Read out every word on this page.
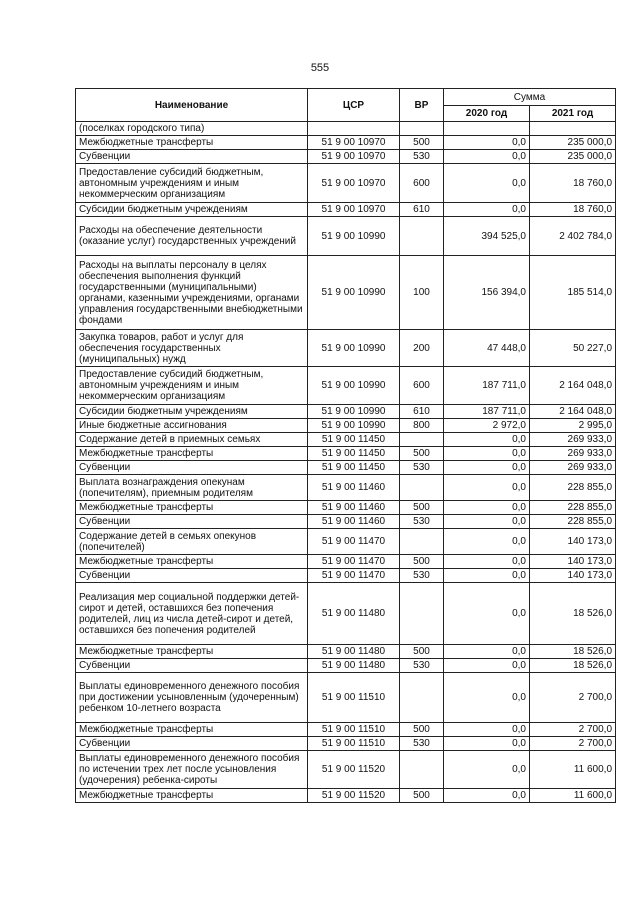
555
Наименование	ЦСР	ВР	Сумма	
			2020 год	2021 год
(поселках городского типа)				
Межбюджетные трансферты	51 9 00 10970	500	0,0	235 000,0
Субвенции	51 9 00 10970	530	0,0	235 000,0
Предоставление субсидий бюджетным, автономным учреждениям и иным некоммерческим организациям	51 9 00 10970	600	0,0	18 760,0
Субсидии бюджетным учреждениям	51 9 00 10970	610	0,0	18 760,0
Расходы на обеспечение деятельности (оказание услуг) государственных учреждений	51 9 00 10990		394 525,0	2 402 784,0
Расходы на выплаты персоналу в целях обеспечения выполнения функций государственными (муниципальными) органами, казенными учреждениями, органами управления государственными внебюджетными фондами	51 9 00 10990	100	156 394,0	185 514,0
Закупка товаров, работ и услуг для обеспечения государственных (муниципальных) нужд	51 9 00 10990	200	47 448,0	50 227,0
Предоставление субсидий бюджетным, автономным учреждениям и иным некоммерческим организациям	51 9 00 10990	600	187 711,0	2 164 048,0
Субсидии бюджетным учреждениям	51 9 00 10990	610	187 711,0	2 164 048,0
Иные бюджетные ассигнования	51 9 00 10990	800	2 972,0	2 995,0
Содержание детей в приемных семьях	51 9 00 11450		0,0	269 933,0
Межбюджетные трансферты	51 9 00 11450	500	0,0	269 933,0
Субвенции	51 9 00 11450	530	0,0	269 933,0
Выплата вознаграждения опекунам (попечителям), приемным родителям	51 9 00 11460		0,0	228 855,0
Межбюджетные трансферты	51 9 00 11460	500	0,0	228 855,0
Субвенции	51 9 00 11460	530	0,0	228 855,0
Содержание детей в семьях опекунов (попечителей)	51 9 00 11470		0,0	140 173,0
Межбюджетные трансферты	51 9 00 11470	500	0,0	140 173,0
Субвенции	51 9 00 11470	530	0,0	140 173,0
Реализация мер социальной поддержки детей-сирот и детей, оставшихся без попечения родителей, лиц из числа детей-сирот и детей, оставшихся без попечения родителей	51 9 00 11480		0,0	18 526,0
Межбюджетные трансферты	51 9 00 11480	500	0,0	18 526,0
Субвенции	51 9 00 11480	530	0,0	18 526,0
Выплаты единовременного денежного пособия при достижении усыновленным (удочеренным) ребенком 10-летнего возраста	51 9 00 11510		0,0	2 700,0
Межбюджетные трансферты	51 9 00 11510	500	0,0	2 700,0
Субвенции	51 9 00 11510	530	0,0	2 700,0
Выплаты единовременного денежного пособия по истечении трех лет после усыновления (удочерения) ребенка-сироты	51 9 00 11520		0,0	11 600,0
Межбюджетные трансферты	51 9 00 11520	500	0,0	11 600,0
